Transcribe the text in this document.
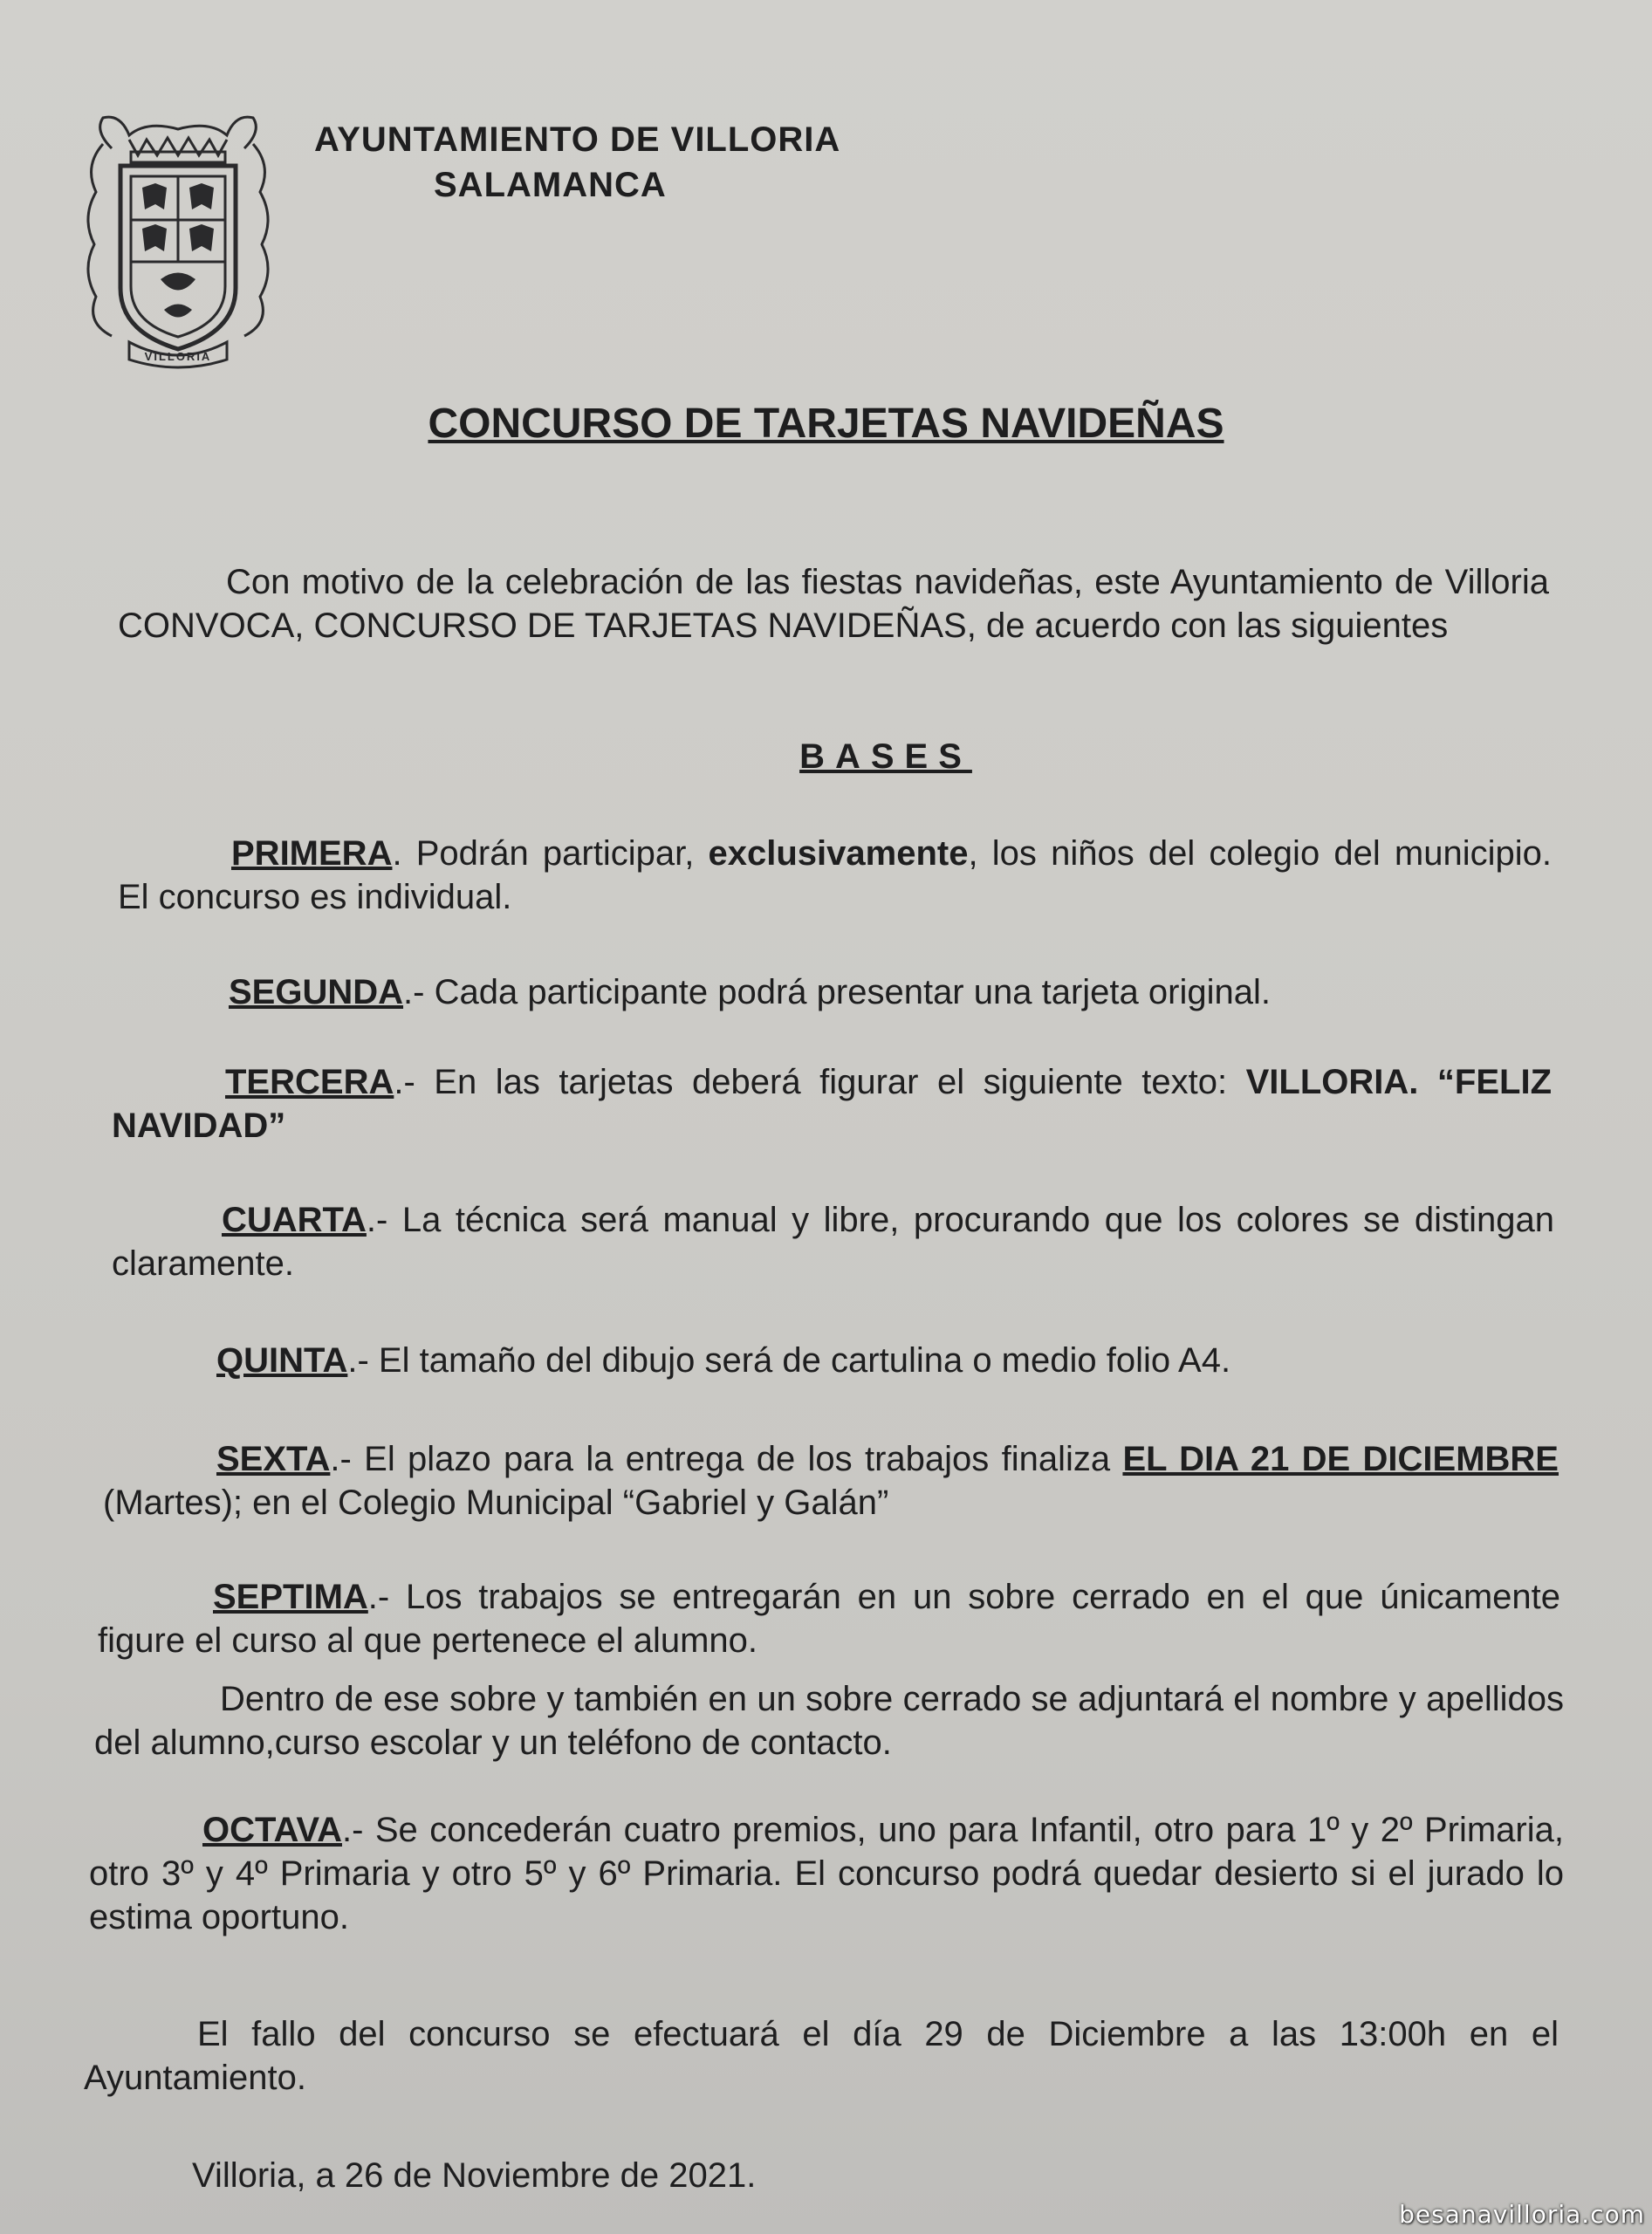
VILLORIA
AYUNTAMIENTO DE VILLORIA
SALAMANCA
CONCURSO DE TARJETAS NAVIDEÑAS
Con motivo de la celebración de las fiestas navideñas, este Ayuntamiento de Villoria CONVOCA, CONCURSO DE TARJETAS NAVIDEÑAS, de acuerdo con las siguientes
BASES
PRIMERA. Podrán participar, exclusivamente, los niños del colegio del municipio. El concurso es individual.
SEGUNDA.- Cada participante podrá presentar una tarjeta original.
TERCERA.- En las tarjetas deberá figurar el siguiente texto: VILLORIA. “FELIZ NAVIDAD”
CUARTA.- La técnica será manual y libre, procurando que los colores se distingan claramente.
QUINTA.- El tamaño del dibujo será de cartulina o medio folio A4.
SEXTA.- El plazo para la entrega de los trabajos finaliza EL DIA 21 DE DICIEMBRE (Martes); en el Colegio Municipal “Gabriel y Galán”
SEPTIMA.- Los trabajos se entregarán en un sobre cerrado en el que únicamente figure el curso al que pertenece el alumno.
Dentro de ese sobre y también en un sobre cerrado se adjuntará el nombre y apellidos del alumno,curso escolar y un teléfono de contacto.
OCTAVA.- Se concederán cuatro premios, uno para Infantil, otro para 1º y 2º Primaria, otro 3º y 4º Primaria y otro 5º y 6º Primaria. El concurso podrá quedar desierto si el jurado lo estima oportuno.
El fallo del concurso se efectuará el día 29 de Diciembre a las 13:00h en el Ayuntamiento.
Villoria, a 26 de Noviembre de 2021.
besanavilloria.com
